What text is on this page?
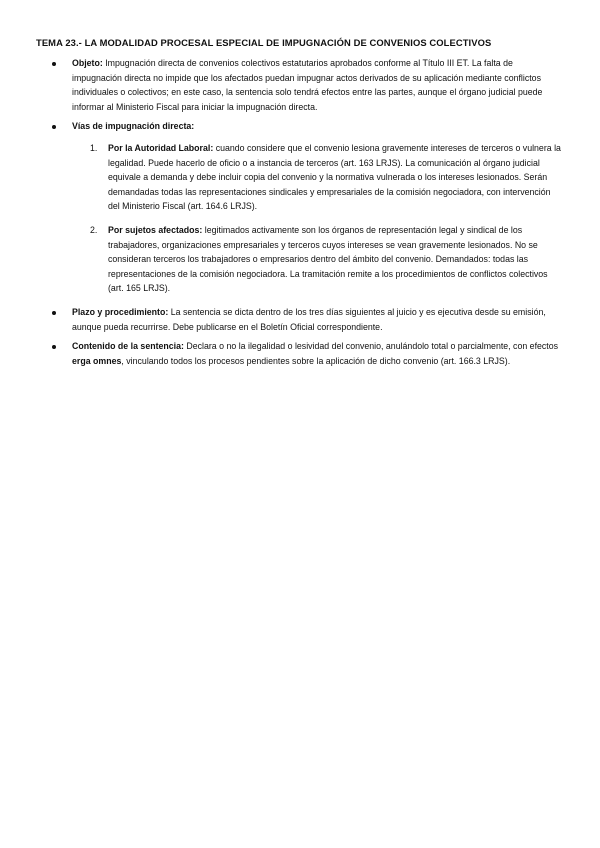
TEMA 23.- LA MODALIDAD PROCESAL ESPECIAL DE IMPUGNACIÓN DE CONVENIOS COLECTIVOS
Objeto: Impugnación directa de convenios colectivos estatutarios aprobados conforme al Título III ET. La falta de impugnación directa no impide que los afectados puedan impugnar actos derivados de su aplicación mediante conflictos individuales o colectivos; en este caso, la sentencia solo tendrá efectos entre las partes, aunque el órgano judicial puede informar al Ministerio Fiscal para iniciar la impugnación directa.
Vías de impugnación directa:
1. Por la Autoridad Laboral: cuando considere que el convenio lesiona gravemente intereses de terceros o vulnera la legalidad. Puede hacerlo de oficio o a instancia de terceros (art. 163 LRJS). La comunicación al órgano judicial equivale a demanda y debe incluir copia del convenio y la normativa vulnerada o los intereses lesionados. Serán demandadas todas las representaciones sindicales y empresariales de la comisión negociadora, con intervención del Ministerio Fiscal (art. 164.6 LRJS).
2. Por sujetos afectados: legitimados activamente son los órganos de representación legal y sindical de los trabajadores, organizaciones empresariales y terceros cuyos intereses se vean gravemente lesionados. No se consideran terceros los trabajadores o empresarios dentro del ámbito del convenio. Demandados: todas las representaciones de la comisión negociadora. La tramitación remite a los procedimientos de conflictos colectivos (art. 165 LRJS).
Plazo y procedimiento: La sentencia se dicta dentro de los tres días siguientes al juicio y es ejecutiva desde su emisión, aunque pueda recurrirse. Debe publicarse en el Boletín Oficial correspondiente.
Contenido de la sentencia: Declara o no la ilegalidad o lesividad del convenio, anulándolo total o parcialmente, con efectos erga omnes, vinculando todos los procesos pendientes sobre la aplicación de dicho convenio (art. 166.3 LRJS).
